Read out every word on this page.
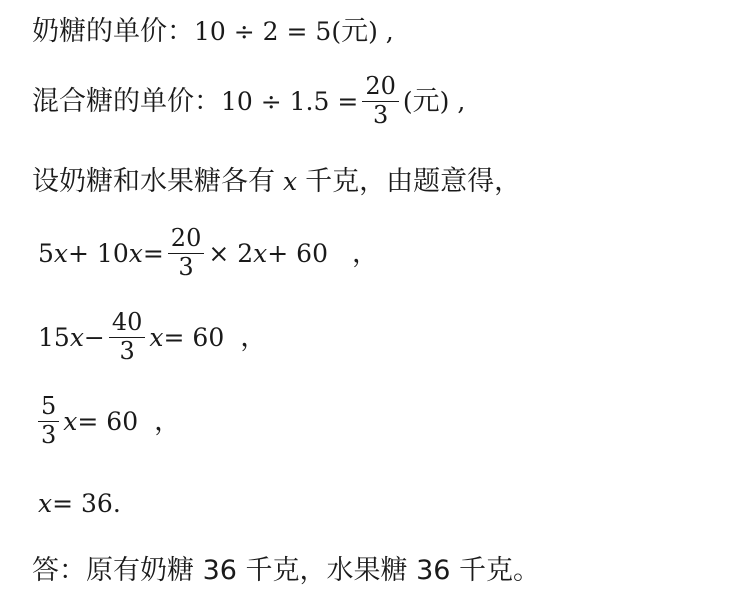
奶糖的单价： 10 ÷ 2 = 5 ( 元 ) ,
混合糖的单价： $10 \div 1.5 = \frac{20}{3}$ ( 元 ) ,
设奶糖和水果糖各有 x 千克，由题意得，
5 x + 10 $x = \frac{20}{3} \times 2$ x + 60 ，
15 $x - \frac{40}{3}$ x = 60 ，
$\frac{5}{3}$ x = 60 ，
x = 36.
答：原有奶糖 36 千克，水果糖 36 千克。
